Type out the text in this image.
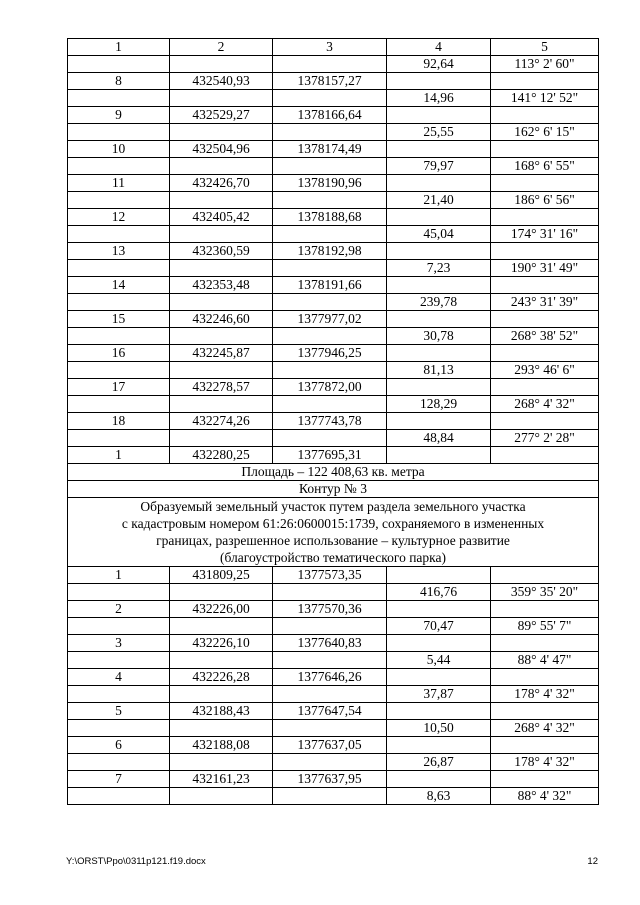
1	2	3	4	5
			92,64	113° 2' 60"
8	432540,93	1378157,27		
			14,96	141° 12' 52"
9	432529,27	1378166,64		
			25,55	162° 6' 15"
10	432504,96	1378174,49		
			79,97	168° 6' 55"
11	432426,70	1378190,96		
			21,40	186° 6' 56"
12	432405,42	1378188,68		
			45,04	174° 31' 16"
13	432360,59	1378192,98		
			7,23	190° 31' 49"
14	432353,48	1378191,66		
			239,78	243° 31' 39"
15	432246,60	1377977,02		
			30,78	268° 38' 52"
16	432245,87	1377946,25		
			81,13	293° 46' 6"
17	432278,57	1377872,00		
			128,29	268° 4' 32"
18	432274,26	1377743,78		
			48,84	277° 2' 28"
1	432280,25	1377695,31		
Площадь – 122 408,63 кв. метра				
Контур № 3				

Образуемый земельный участок путем раздела земельного участка
с кадастровым номером 61:26:0600015:1739, сохраняемого в измененных
границах, разрешенное использование – культурное развитие
(благоустройство тематического парка)				

1	431809,25	1377573,35		
			416,76	359° 35' 20"
2	432226,00	1377570,36		
			70,47	89° 55' 7"
3	432226,10	1377640,83		
			5,44	88° 4' 47"
4	432226,28	1377646,26		
			37,87	178° 4' 32"
5	432188,43	1377647,54		
			10,50	268° 4' 32"
6	432188,08	1377637,05		
			26,87	178° 4' 32"
7	432161,23	1377637,95		
			8,63	88° 4' 32"
Y:\ORST\Ppo\0311p121.f19.docx	12
